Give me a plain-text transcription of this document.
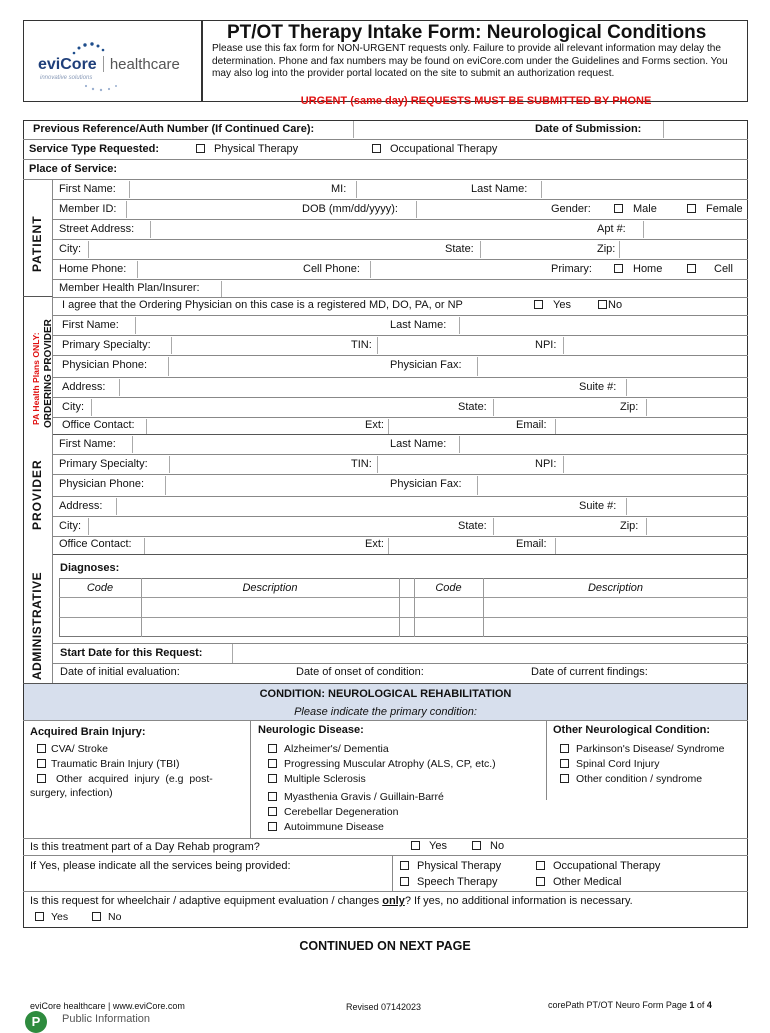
eviCore healthcare
innovative solutions
PT/OT Therapy Intake Form: Neurological Conditions
Please use this fax form for NON-URGENT requests only. Failure to provide all relevant information may delay the determination. Phone and fax numbers may be found on eviCore.com under the Guidelines and Forms section. You may also log into the provider portal located on the site to submit an authorization request.
URGENT (same day) REQUESTS MUST BE SUBMITTED BY PHONE
Previous Reference/Auth Number (If Continued Care):	Date of Submission:
Service Type Requested:	Physical Therapy	Occupational Therapy
Place of Service:
PATIENT
First Name:	MI:	Last Name:
Member ID:	DOB (mm/dd/yyyy):	Gender:	Male	Female
Street Address:	Apt #:
City:	State:	Zip:
Home Phone:	Cell Phone:	Primary:	Home	Cell
Member Health Plan/Insurer:
PA Health Plans ONLY: ORDERING PROVIDER
I agree that the Ordering Physician on this case is a registered MD, DO, PA, or NP	Yes	No
First Name:	Last Name:
Primary Specialty:	TIN:	NPI:
Physician Phone:	Physician Fax:
Address:	Suite #:
City:	State:	Zip:
Office Contact:	Ext:	Email:
PROVIDER
First Name:	Last Name:
Primary Specialty:	TIN:	NPI:
Physician Phone:	Physician Fax:
Address:	Suite #:
City:	State:	Zip:
Office Contact:	Ext:	Email:
ADMINISTRATIVE
Diagnoses:
Code	Description	Code	Description
Start Date for this Request:
Date of initial evaluation:	Date of onset of condition:	Date of current findings:
CONDITION: NEUROLOGICAL REHABILITATION
Please indicate the primary condition:
Acquired Brain Injury:
CVA/ Stroke
Traumatic Brain Injury (TBI)
Other acquired injury (e.g post-
surgery, infection)
Neurologic Disease:
Alzheimer's/ Dementia
Progressing Muscular Atrophy (ALS, CP, etc.)
Multiple Sclerosis
Myasthenia Gravis / Guillain-Barré
Cerebellar Degeneration
Autoimmune Disease
Other Neurological Condition:
Parkinson's Disease/ Syndrome
Spinal Cord Injury
Other condition / syndrome
Is this treatment part of a Day Rehab program?	Yes	No
If Yes, please indicate all the services being provided:	Physical Therapy	Occupational Therapy
Speech Therapy	Other Medical
Is this request for wheelchair / adaptive equipment evaluation / changes only? If yes, no additional information is necessary.
Yes	No
CONTINUED ON NEXT PAGE
eviCore healthcare | www.eviCore.com	Revised 07142023	corePath PT/OT Neuro Form Page 1 of 4
P	Public Information
